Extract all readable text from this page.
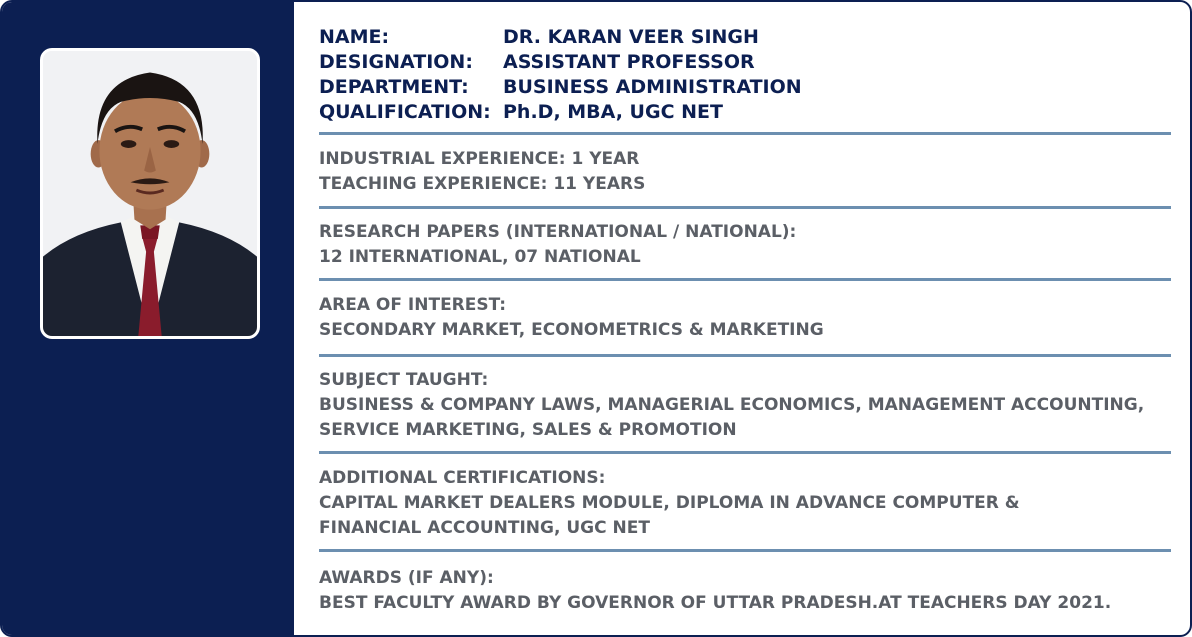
NAME:	DR. KARAN VEER SINGH
DESIGNATION:	ASSISTANT PROFESSOR
DEPARTMENT:	BUSINESS ADMINISTRATION
QUALIFICATION: Ph.D, MBA, UGC NET
INDUSTRIAL EXPERIENCE: 1 YEAR
TEACHING EXPERIENCE: 11 YEARS
RESEARCH PAPERS (INTERNATIONAL / NATIONAL):
12 INTERNATIONAL, 07 NATIONAL
AREA OF INTEREST:
SECONDARY MARKET, ECONOMETRICS & MARKETING
SUBJECT TAUGHT:
BUSINESS & COMPANY LAWS, MANAGERIAL ECONOMICS, MANAGEMENT ACCOUNTING,
SERVICE MARKETING, SALES & PROMOTION
ADDITIONAL CERTIFICATIONS:
CAPITAL MARKET DEALERS MODULE, DIPLOMA IN ADVANCE COMPUTER &
FINANCIAL ACCOUNTING, UGC NET
AWARDS (IF ANY):
BEST FACULTY AWARD BY GOVERNOR OF UTTAR PRADESH.AT TEACHERS DAY 2021.
